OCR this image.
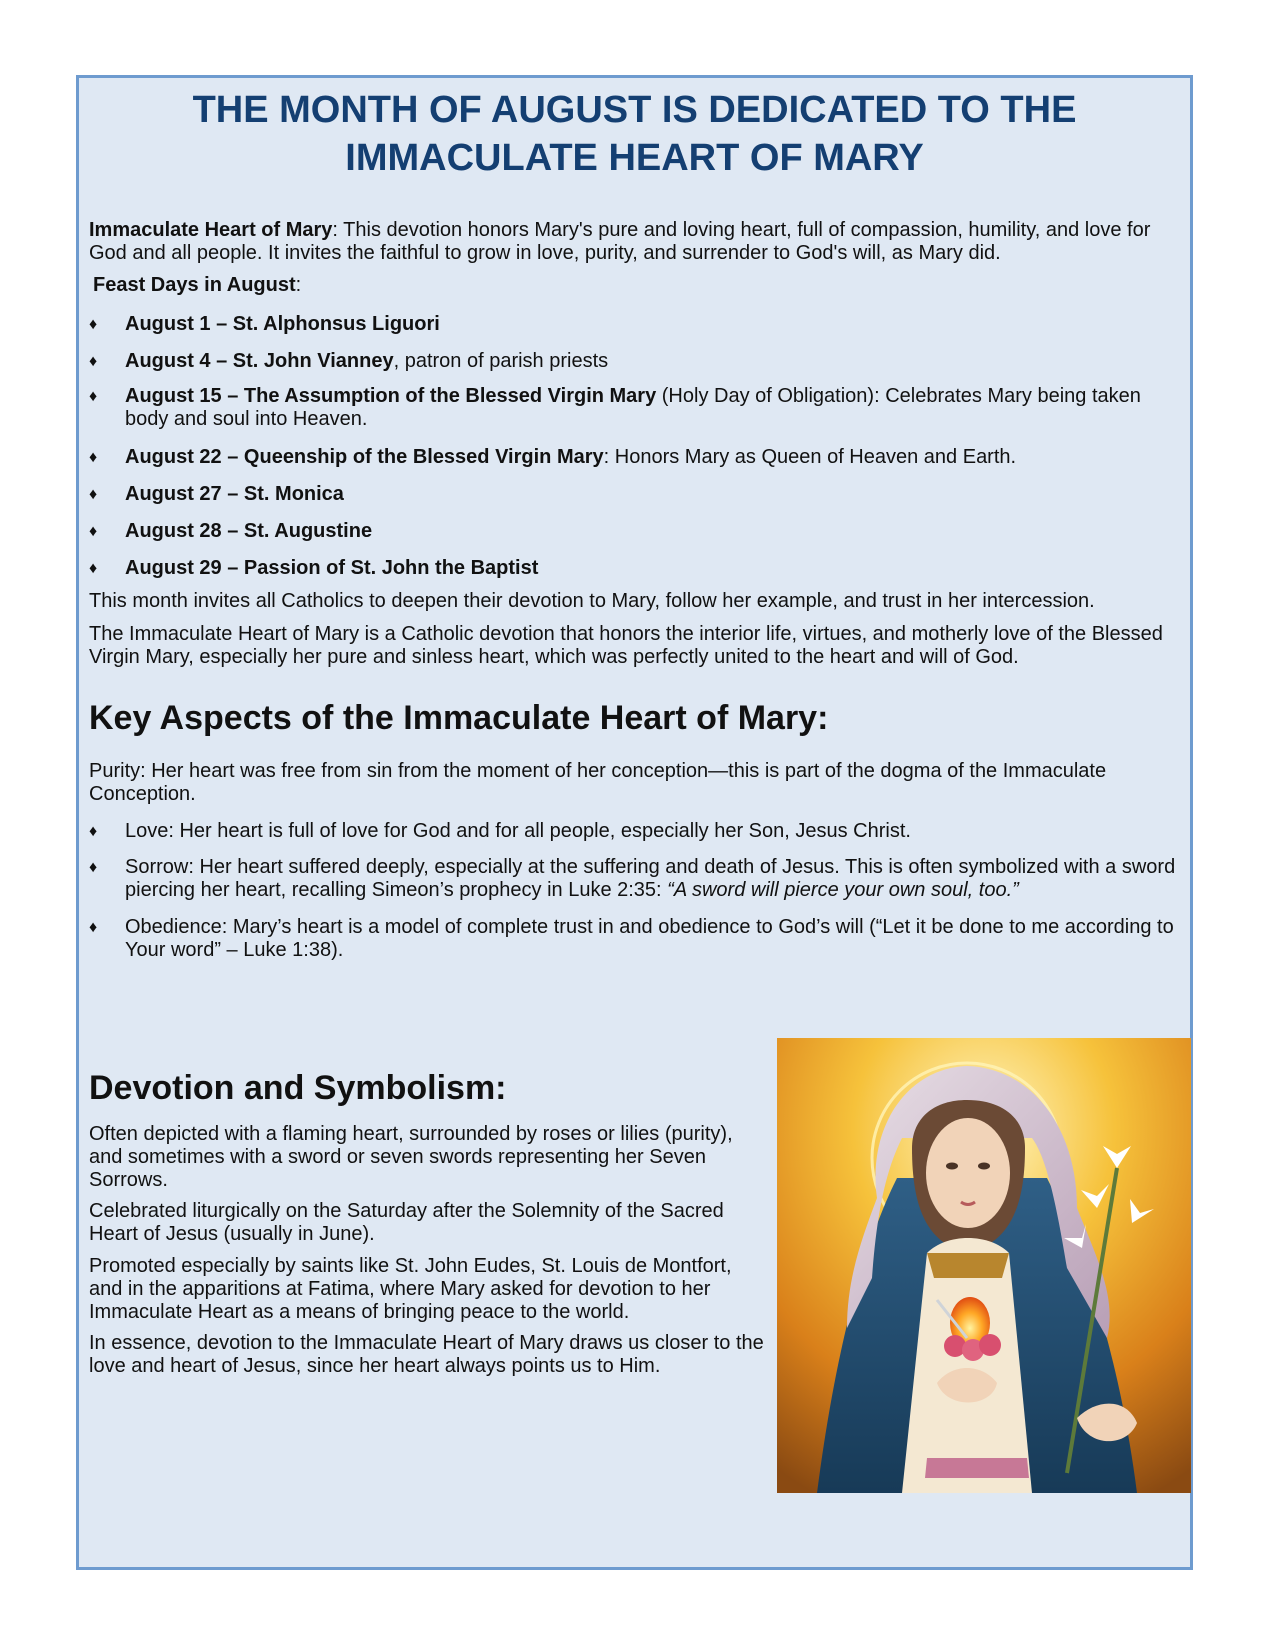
THE MONTH OF AUGUST IS DEDICATED TO THE
IMMACULATE HEART OF MARY

Immaculate Heart of Mary: This devotion honors Mary's pure and loving heart, full of compassion, humility, and love for God and all people. It invites the faithful to grow in love, purity, and surrender to God's will, as Mary did.

Feast Days in August:

♦ August 1 – St. Alphonsus Liguori

♦ August 4 – St. John Vianney, patron of parish priests

♦ August 15 – The Assumption of the Blessed Virgin Mary (Holy Day of Obligation): Celebrates Mary being taken body and soul into Heaven.

♦ August 22 – Queenship of the Blessed Virgin Mary: Honors Mary as Queen of Heaven and Earth.

♦ August 27 – St. Monica

♦ August 28 – St. Augustine

♦ August 29 – Passion of St. John the Baptist

This month invites all Catholics to deepen their devotion to Mary, follow her example, and trust in her intercession.

The Immaculate Heart of Mary is a Catholic devotion that honors the interior life, virtues, and motherly love of the Blessed Virgin Mary, especially her pure and sinless heart, which was perfectly united to the heart and will of God.

Key Aspects of the Immaculate Heart of Mary:

Purity: Her heart was free from sin from the moment of her conception—this is part of the dogma of the Immaculate Conception.

♦ Love: Her heart is full of love for God and for all people, especially her Son, Jesus Christ.

♦ Sorrow: Her heart suffered deeply, especially at the suffering and death of Jesus. This is often symbolized with a sword piercing her heart, recalling Simeon’s prophecy in Luke 2:35: “A sword will pierce your own soul, too.”

♦ Obedience: Mary’s heart is a model of complete trust in and obedience to God’s will (“Let it be done to me according to Your word” – Luke 1:38).

Devotion and Symbolism:

Often depicted with a flaming heart, surrounded by roses or lilies (purity), and sometimes with a sword or seven swords representing her Seven Sorrows.

Celebrated liturgically on the Saturday after the Solemnity of the Sacred Heart of Jesus (usually in June).

Promoted especially by saints like St. John Eudes, St. Louis de Montfort, and in the apparitions at Fatima, where Mary asked for devotion to her Immaculate Heart as a means of bringing peace to the world.

In essence, devotion to the Immaculate Heart of Mary draws us closer to the love and heart of Jesus, since her heart always points us to Him.
